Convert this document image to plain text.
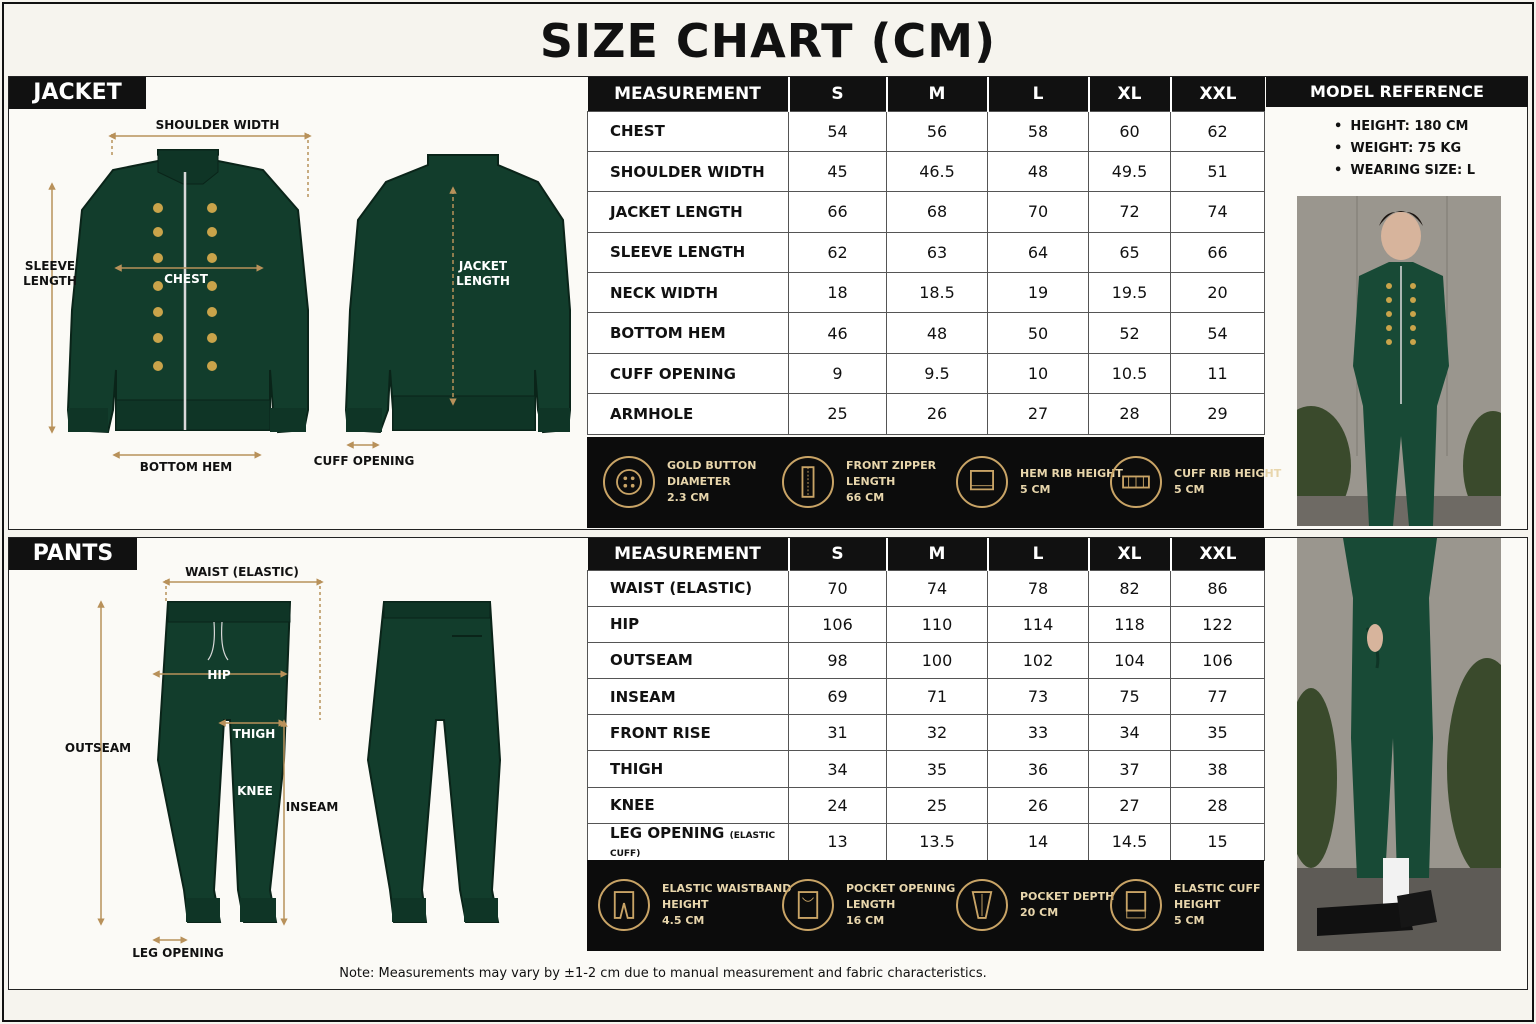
SIZE CHART (CM)
JACKET
SHOULDER WIDTH
SLEEVE
LENGTH	CHEST
JACKET
LENGTH
BOTTOM HEM	CUFF OPENING
MEASUREMENT	S	M	L	XL	XXL
CHEST	54	56	58	60	62
SHOULDER WIDTH	45	46.5	48	49.5	51
JACKET LENGTH	66	68	70	72	74
SLEEVE LENGTH	62	63	64	65	66
NECK WIDTH	18	18.5	19	19.5	20
BOTTOM HEM	46	48	50	52	54
CUFF OPENING	9	9.5	10	10.5	11
ARMHOLE	25	26	27	28	29
GOLD BUTTON
DIAMETER
2.3 CM
FRONT ZIPPER
LENGTH
66 CM
HEM RIB HEIGHT
5 CM
CUFF RIB HEIGHT
5 CM
MODEL REFERENCE
• HEIGHT: 180 CM
• WEIGHT: 75 KG
• WEARING SIZE: L
PANTS
WAIST (ELASTIC)
HIP
THIGH
KNEE
OUTSEAM
INSEAM
LEG OPENING
MEASUREMENT	S	M	L	XL	XXL
WAIST (ELASTIC)	70	74	78	82	86
HIP	106	110	114	118	122
OUTSEAM	98	100	102	104	106
INSEAM	69	71	73	75	77
FRONT RISE	31	32	33	34	35
THIGH	34	35	36	37	38
KNEE	24	25	26	27	28
LEG OPENING (ELASTIC CUFF)	13	13.5	14	14.5	15
ELASTIC WAISTBAND
HEIGHT
4.5 CM
POCKET OPENING
LENGTH
16 CM
POCKET DEPTH
20 CM
ELASTIC CUFF
HEIGHT
5 CM
Note: Measurements may vary by ±1-2 cm due to manual measurement and fabric characteristics.
